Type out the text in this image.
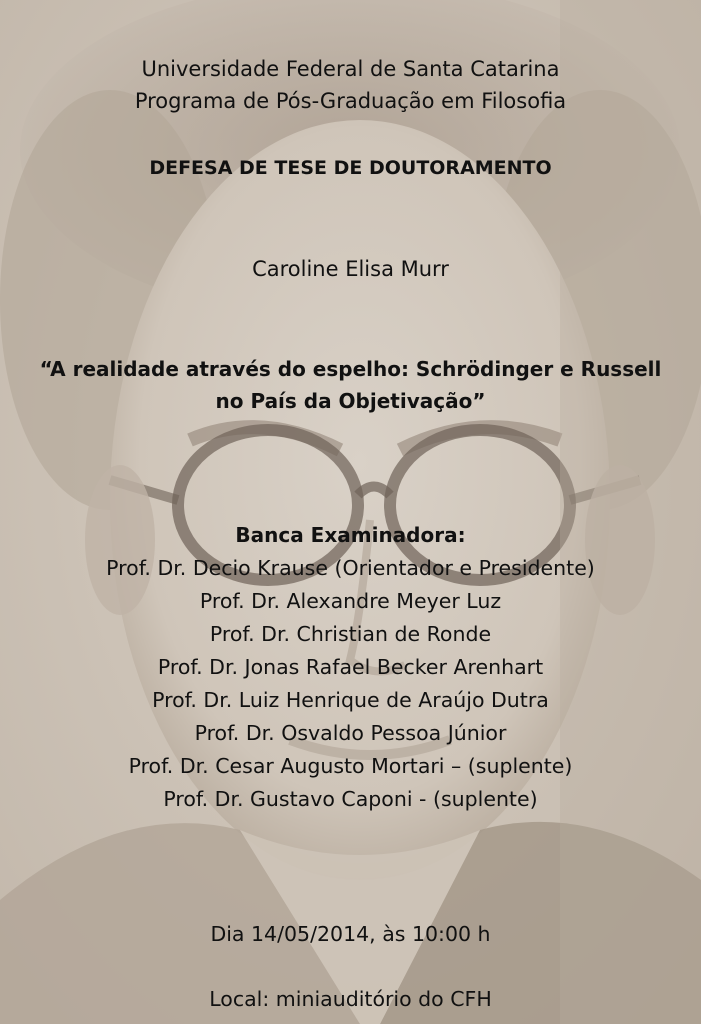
Universidade Federal de Santa Catarina
Programa de Pós-Graduação em Filosofia
DEFESA DE TESE DE DOUTORAMENTO
Caroline Elisa Murr
“A realidade através do espelho: Schrödinger e Russell
no País da Objetivação”
Banca Examinadora:
Prof. Dr. Decio Krause (Orientador e Presidente)
Prof. Dr. Alexandre Meyer Luz
Prof. Dr. Christian de Ronde
Prof. Dr. Jonas Rafael Becker Arenhart
Prof. Dr. Luiz Henrique de Araújo Dutra
Prof. Dr. Osvaldo Pessoa Júnior
Prof. Dr. Cesar Augusto Mortari – (suplente)
Prof. Dr. Gustavo Caponi - (suplente)
Dia 14/05/2014, às 10:00 h
Local: miniauditório do CFH
